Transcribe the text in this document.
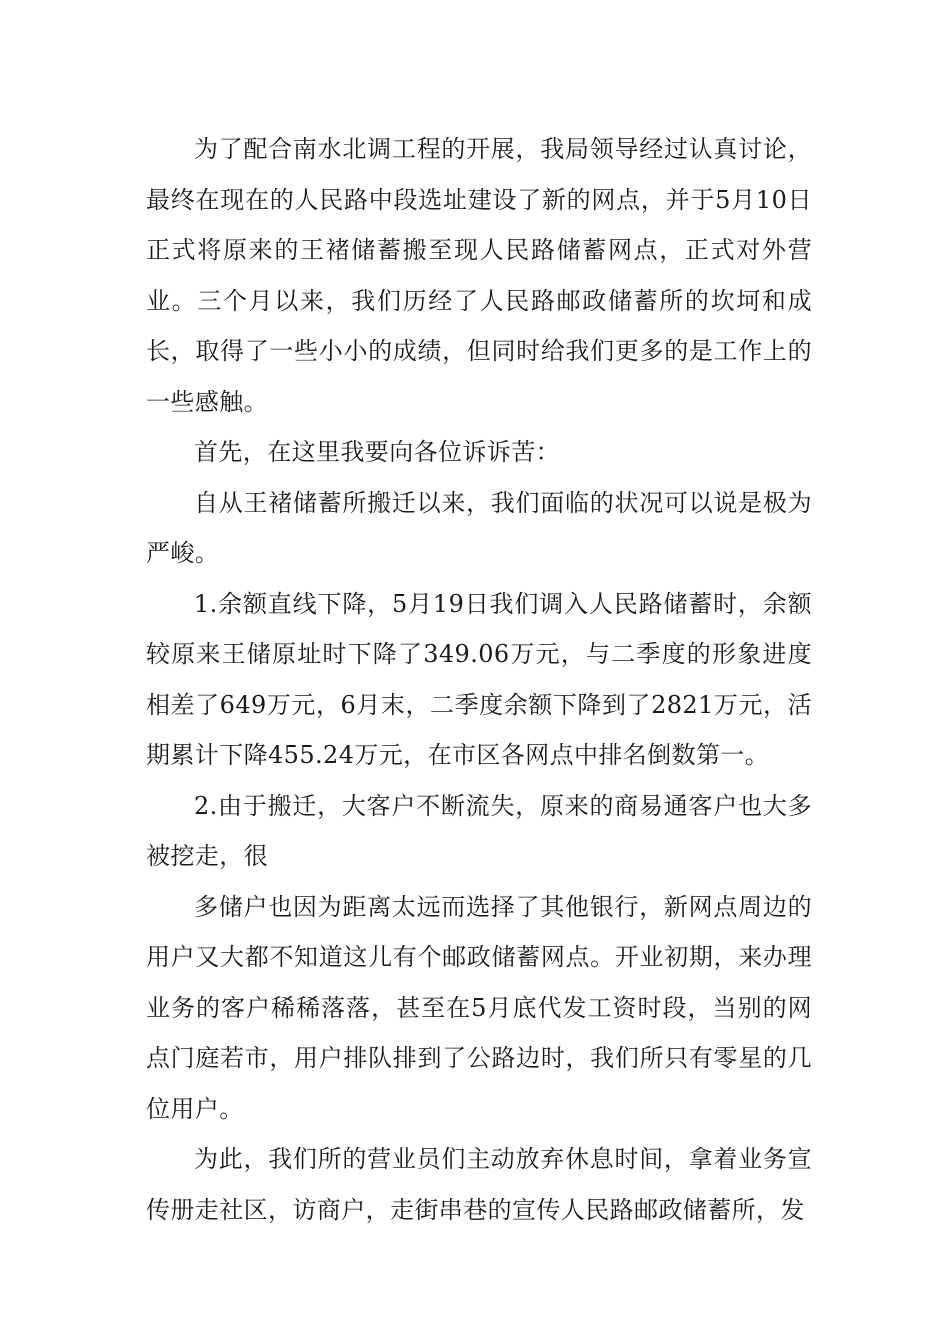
为了配合南水北调工程的开展，我局领导经过认真讨论，最终在现在的人民路中段选址建设了新的网点，并于5月10日正式将原来的王褚储蓄搬至现人民路储蓄网点，正式对外营业。三个月以来，我们历经了人民路邮政储蓄所的坎坷和成长，取得了一些小小的成绩，但同时给我们更多的是工作上的一些感触。

首先，在这里我要向各位诉诉苦：

自从王褚储蓄所搬迁以来，我们面临的状况可以说是极为严峻。

1.余额直线下降，5月19日我们调入人民路储蓄时，余额较原来王储原址时下降了349.06万元，与二季度的形象进度相差了649万元，6月末，二季度余额下降到了2821万元，活期累计下降455.24万元，在市区各网点中排名倒数第一。

2.由于搬迁，大客户不断流失，原来的商易通客户也大多被挖走，很

多储户也因为距离太远而选择了其他银行，新网点周边的用户又大都不知道这儿有个邮政储蓄网点。开业初期，来办理业务的客户稀稀落落，甚至在5月底代发工资时段，当别的网点门庭若市，用户排队排到了公路边时，我们所只有零星的几位用户。

为此，我们所的营业员们主动放弃休息时间，拿着业务宣传册走社区，访商户，走街串巷的宣传人民路邮政储蓄所，发
